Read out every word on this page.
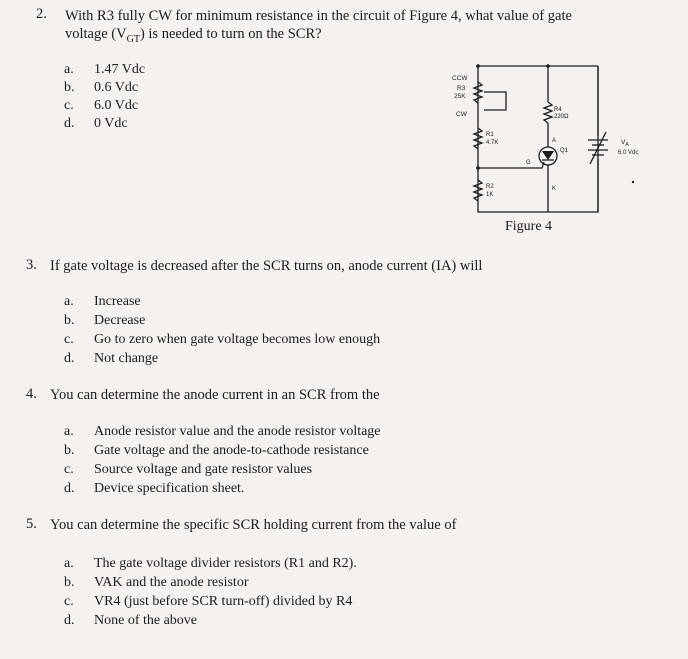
2. With R3 fully CW for minimum resistance in the circuit of Figure 4, what value of gate
voltage $(V_{GT})$ is needed to turn on the SCR?
a. 1.47 Vdc
b. 0.6 Vdc
c. 6.0 Vdc
d. 0 Vdc
CCW
R3
25K
CW
R1
4.7K
R2
1K
R4
220Ω
A
G
K
Q1
$V_A$
6.0 Vdc
Figure 4
3. If gate voltage is decreased after the SCR turns on, anode current (IA) will
a. Increase
b. Decrease
c. Go to zero when gate voltage becomes low enough
d. Not change
4. You can determine the anode current in an SCR from the
a. Anode resistor value and the anode resistor voltage
b. Gate voltage and the anode-to-cathode resistance
c. Source voltage and gate resistor values
d. Device specification sheet.
5. You can determine the specific SCR holding current from the value of
a. The gate voltage divider resistors (R1 and R2).
b. VAK and the anode resistor
c. VR4 (just before SCR turn-off) divided by R4
d. None of the above
